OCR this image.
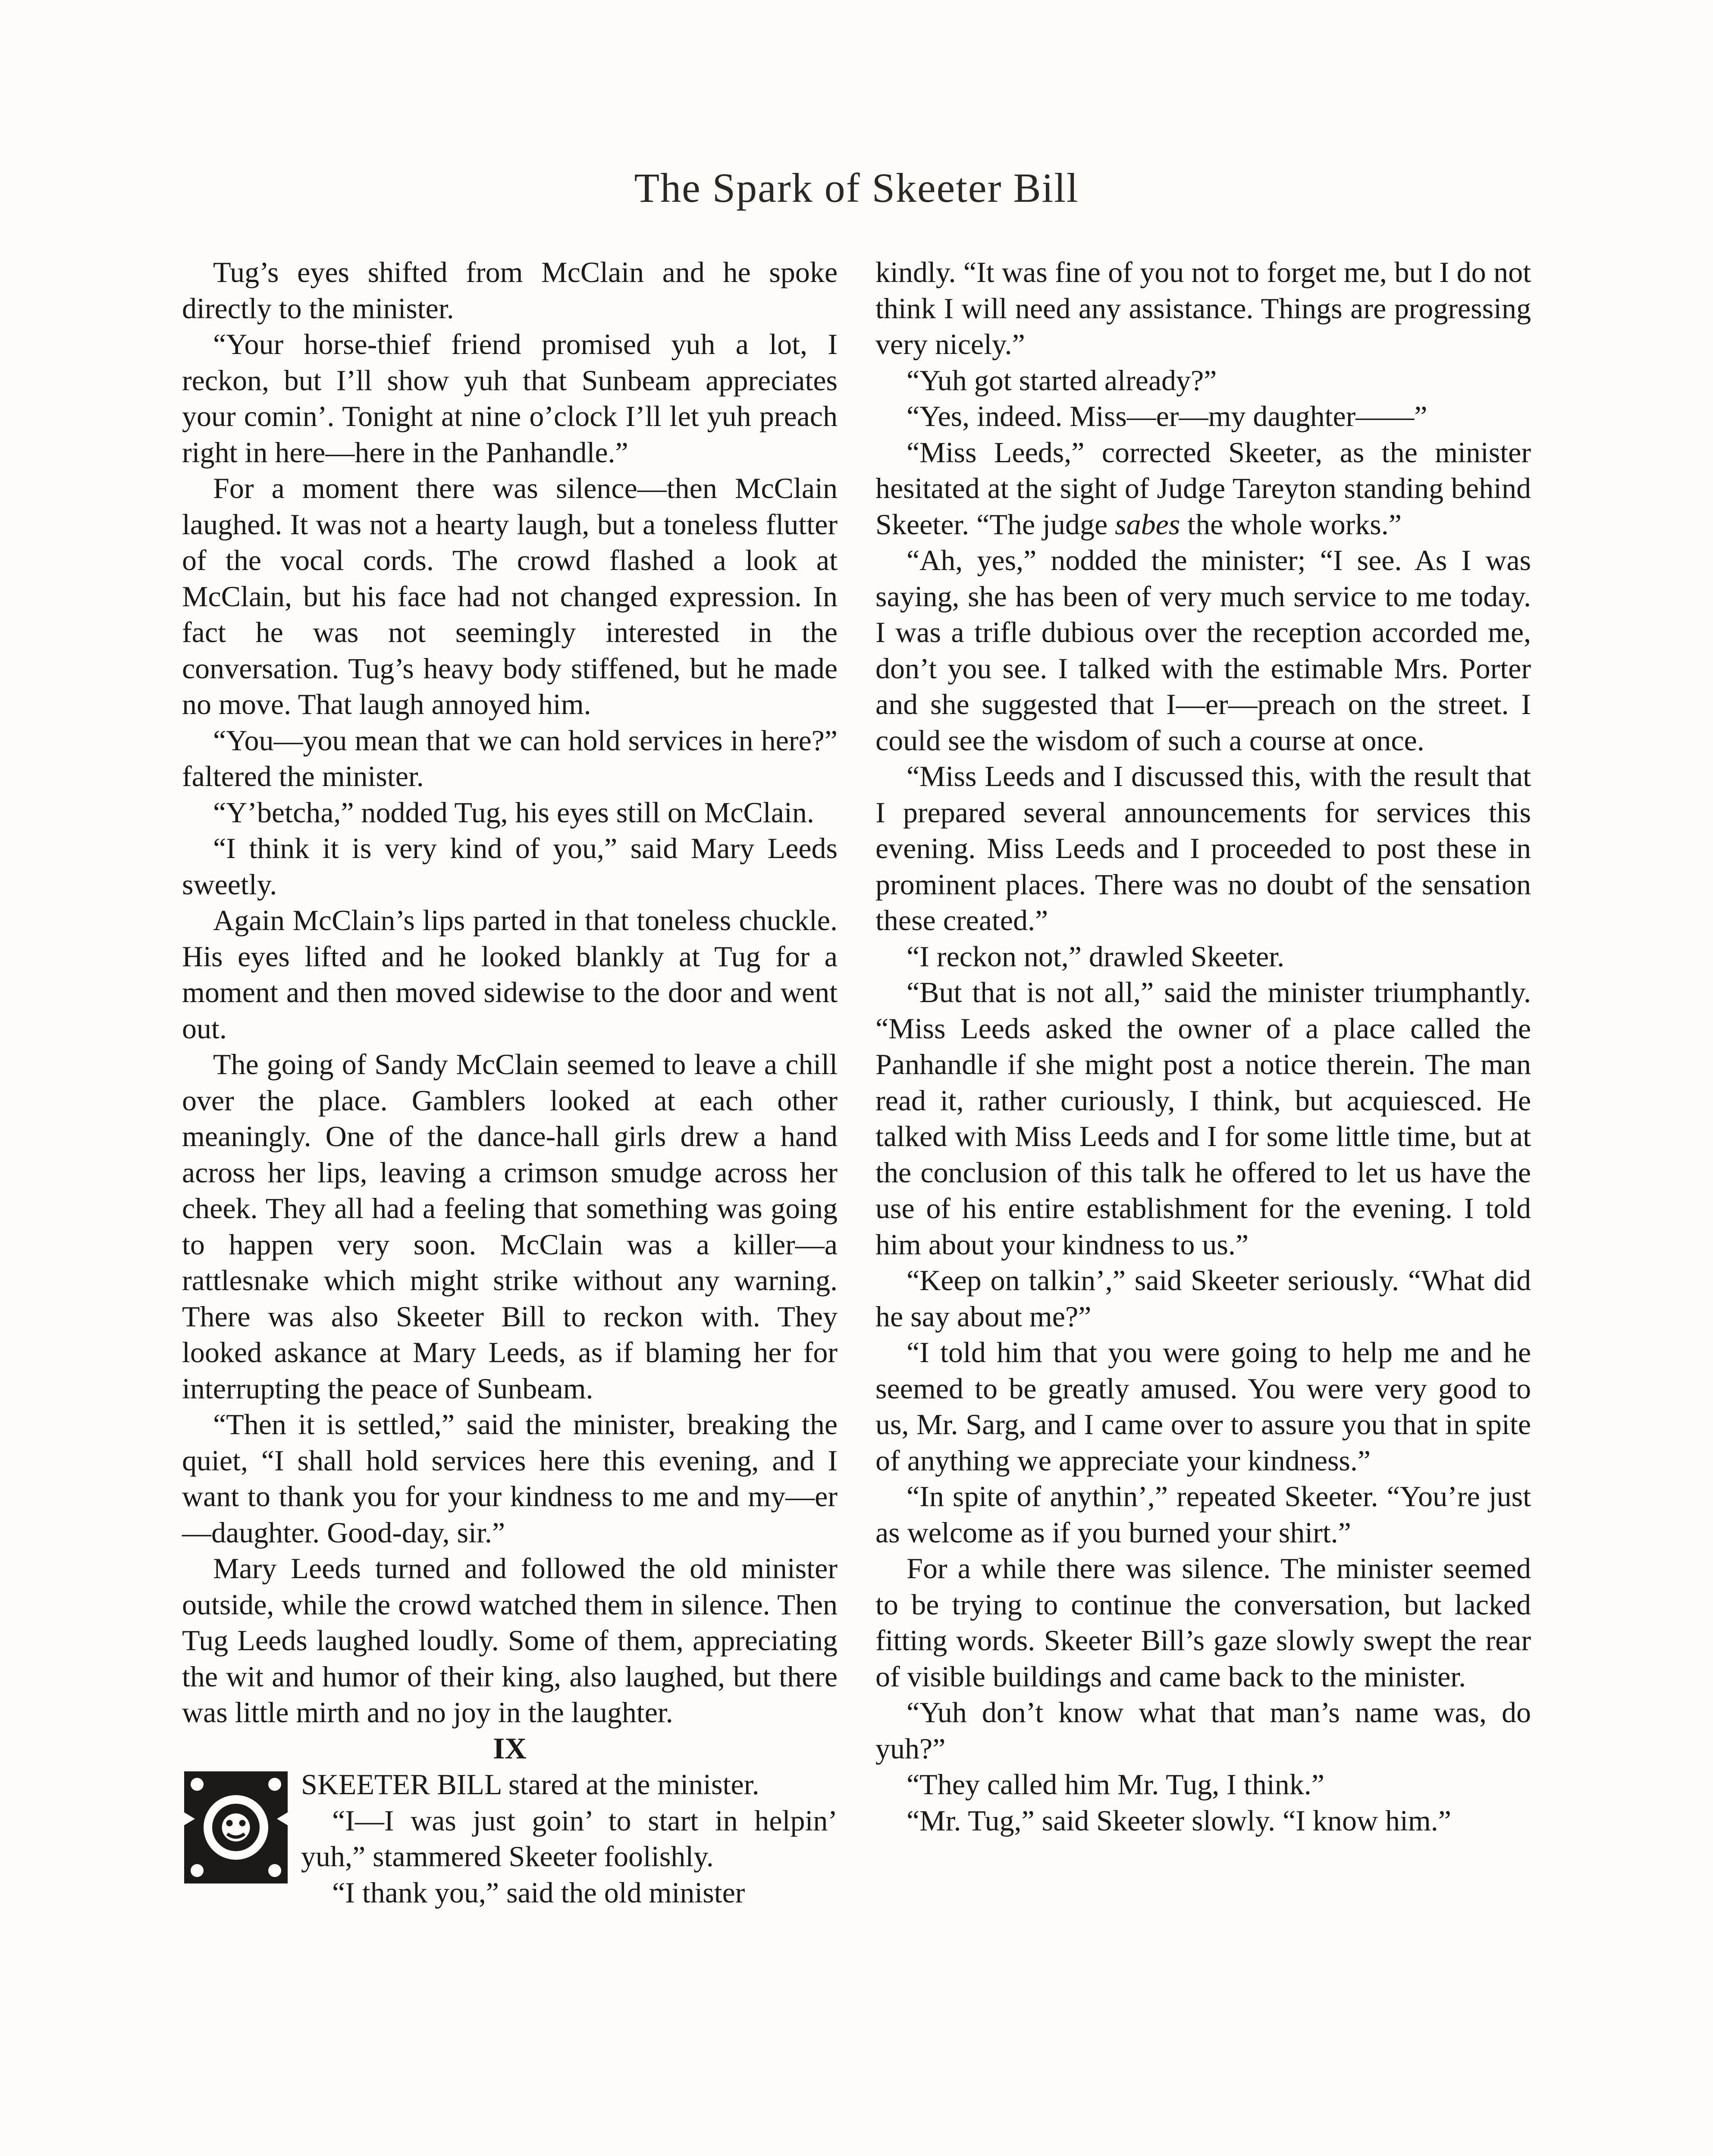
The Spark of Skeeter Bill

Tug’s eyes shifted from McClain and he spoke directly to the minister.

“Your horse-thief friend promised yuh a lot, I reckon, but I’ll show yuh that Sunbeam appreciates your comin’. Tonight at nine o’clock I’ll let yuh preach right in here—here in the Panhandle.”

For a moment there was silence—then McClain laughed. It was not a hearty laugh, but a toneless flutter of the vocal cords. The crowd flashed a look at McClain, but his face had not changed expression. In fact he was not seemingly interested in the conversation. Tug’s heavy body stiffened, but he made no move. That laugh annoyed him.

“You—you mean that we can hold services in here?” faltered the minister.

“Y’betcha,” nodded Tug, his eyes still on McClain.

“I think it is very kind of you,” said Mary Leeds sweetly.

Again McClain’s lips parted in that toneless chuckle. His eyes lifted and he looked blankly at Tug for a moment and then moved sidewise to the door and went out.

The going of Sandy McClain seemed to leave a chill over the place. Gamblers looked at each other meaningly. One of the dance-hall girls drew a hand across her lips, leaving a crimson smudge across her cheek. They all had a feeling that something was going to happen very soon. McClain was a killer—a rattlesnake which might strike without any warning. There was also Skeeter Bill to reckon with. They looked askance at Mary Leeds, as if blaming her for interrupting the peace of Sunbeam.

“Then it is settled,” said the minister, breaking the quiet, “I shall hold services here this evening, and I want to thank you for your kindness to me and my—er—daughter. Good-day, sir.”

Mary Leeds turned and followed the old minister outside, while the crowd watched them in silence. Then Tug Leeds laughed loudly. Some of them, appreciating the wit and humor of their king, also laughed, but there was little mirth and no joy in the laughter.

IX

SKEETER BILL stared at the minister.

“I—I was just goin’ to start in helpin’ yuh,” stammered Skeeter foolishly.

“I thank you,” said the old minister

kindly. “It was fine of you not to forget me, but I do not think I will need any assistance. Things are progressing very nicely.”

“Yuh got started already?”

“Yes, indeed. Miss—er—my daughter——”

“Miss Leeds,” corrected Skeeter, as the minister hesitated at the sight of Judge Tareyton standing behind Skeeter. “The judge sabes the whole works.”

“Ah, yes,” nodded the minister; “I see. As I was saying, she has been of very much service to me today. I was a trifle dubious over the reception accorded me, don’t you see. I talked with the estimable Mrs. Porter and she suggested that I—er—preach on the street. I could see the wisdom of such a course at once.

“Miss Leeds and I discussed this, with the result that I prepared several announcements for services this evening. Miss Leeds and I proceeded to post these in prominent places. There was no doubt of the sensation these created.”

“I reckon not,” drawled Skeeter.

“But that is not all,” said the minister triumphantly. “Miss Leeds asked the owner of a place called the Panhandle if she might post a notice therein. The man read it, rather curiously, I think, but acquiesced. He talked with Miss Leeds and I for some little time, but at the conclusion of this talk he offered to let us have the use of his entire establishment for the evening. I told him about your kindness to us.”

“Keep on talkin’,” said Skeeter seriously. “What did he say about me?”

“I told him that you were going to help me and he seemed to be greatly amused. You were very good to us, Mr. Sarg, and I came over to assure you that in spite of anything we appreciate your kindness.”

“In spite of anythin’,” repeated Skeeter. “You’re just as welcome as if you burned your shirt.”

For a while there was silence. The minister seemed to be trying to continue the conversation, but lacked fitting words. Skeeter Bill’s gaze slowly swept the rear of visible buildings and came back to the minister.

“Yuh don’t know what that man’s name was, do yuh?”

“They called him Mr. Tug, I think.”

“Mr. Tug,” said Skeeter slowly. “I know him.”
